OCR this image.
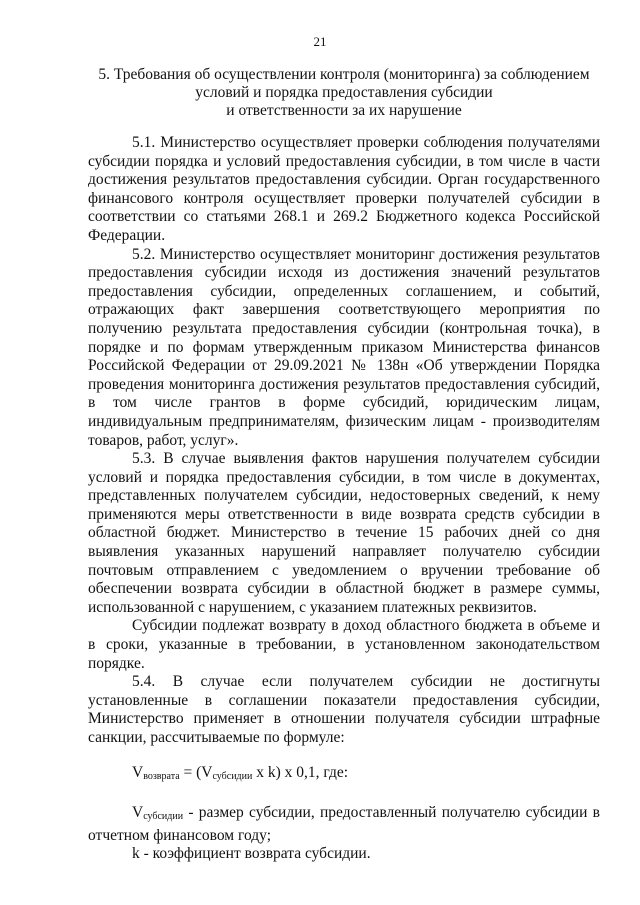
21
5. Требования об осуществлении контроля (мониторинга) за соблюдением
условий и порядка предоставления субсидии
и ответственности за их нарушение

5.1. Министерство осуществляет проверки соблюдения получателями субсидии порядка и условий предоставления субсидии, в том числе в части достижения результатов предоставления субсидии. Орган государственного финансового контроля осуществляет проверки получателей субсидии в соответствии со статьями 268.1 и 269.2 Бюджетного кодекса Российской Федерации.

5.2. Министерство осуществляет мониторинг достижения результатов предоставления субсидии исходя из достижения значений результатов предоставления субсидии, определенных соглашением, и событий, отражающих факт завершения соответствующего мероприятия по получению результата предоставления субсидии (контрольная точка), в порядке и по формам утвержденным приказом Министерства финансов Российской Федерации от 29.09.2021 № 138н «Об утверждении Порядка проведения мониторинга достижения результатов предоставления субсидий, в том числе грантов в форме субсидий, юридическим лицам, индивидуальным предпринимателям, физическим лицам - производителям товаров, работ, услуг».

5.3. В случае выявления фактов нарушения получателем субсидии условий и порядка предоставления субсидии, в том числе в документах, представленных получателем субсидии, недостоверных сведений, к нему применяются меры ответственности в виде возврата средств субсидии в областной бюджет. Министерство в течение 15 рабочих дней со дня выявления указанных нарушений направляет получателю субсидии почтовым отправлением с уведомлением о вручении требование об обеспечении возврата субсидии в областной бюджет в размере суммы, использованной с нарушением, с указанием платежных реквизитов.

Субсидии подлежат возврату в доход областного бюджета в объеме и в сроки, указанные в требовании, в установленном законодательством порядке.

5.4. В случае если получателем субсидии не достигнуты установленные в соглашении показатели предоставления субсидии, Министерство применяет в отношении получателя субсидии штрафные санкции, рассчитываемые по формуле:

$V_{возврата} = (V_{субсидии}$ x k) x 0,1, где:

$V_{субсидии}$ - размер субсидии, предоставленный получателю субсидии в отчетном финансовом году;

k - коэффициент возврата субсидии.
